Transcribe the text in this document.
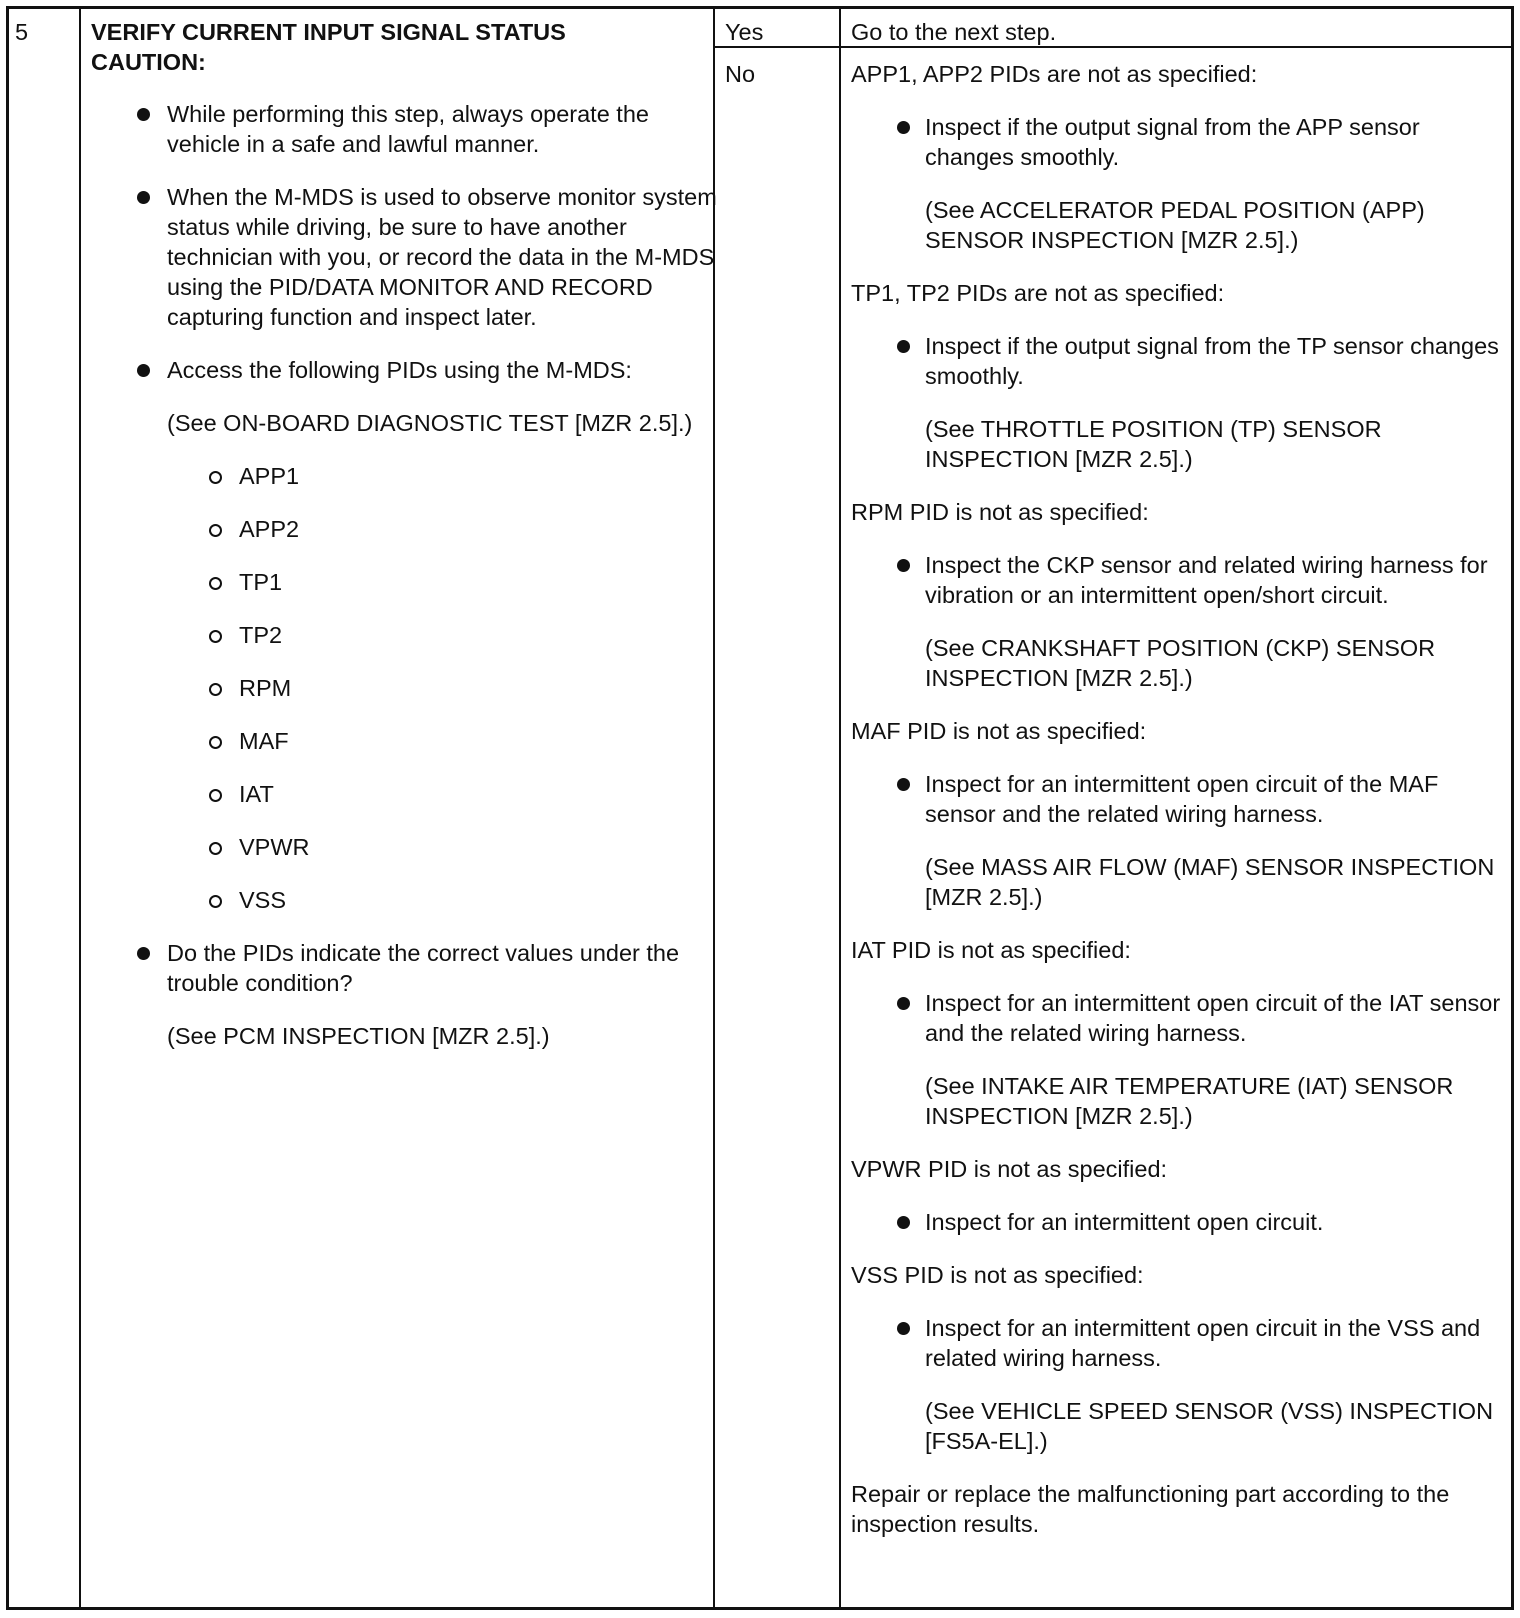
5	VERIFY CURRENT INPUT SIGNAL STATUS
CAUTION:
While performing this step, always operate the vehicle in a safe and lawful manner.
When the M-MDS is used to observe monitor system status while driving, be sure to have another technician with you, or record the data in the M-MDS using the PID/DATA MONITOR AND RECORD capturing function and inspect later.
Access the following PIDs using the M-MDS:
(See ON-BOARD DIAGNOSTIC TEST [MZR 2.5].)
APP1
APP2
TP1
TP2
RPM
MAF
IAT
VPWR
VSS
Do the PIDs indicate the correct values under the trouble condition?
(See PCM INSPECTION [MZR 2.5].)
Yes	Go to the next step.
No	APP1, APP2 PIDs are not as specified:
Inspect if the output signal from the APP sensor changes smoothly.
(See ACCELERATOR PEDAL POSITION (APP) SENSOR INSPECTION [MZR 2.5].)
TP1, TP2 PIDs are not as specified:
Inspect if the output signal from the TP sensor changes smoothly.
(See THROTTLE POSITION (TP) SENSOR INSPECTION [MZR 2.5].)
RPM PID is not as specified:
Inspect the CKP sensor and related wiring harness for vibration or an intermittent open/short circuit.
(See CRANKSHAFT POSITION (CKP) SENSOR INSPECTION [MZR 2.5].)
MAF PID is not as specified:
Inspect for an intermittent open circuit of the MAF sensor and the related wiring harness.
(See MASS AIR FLOW (MAF) SENSOR INSPECTION [MZR 2.5].)
IAT PID is not as specified:
Inspect for an intermittent open circuit of the IAT sensor and the related wiring harness.
(See INTAKE AIR TEMPERATURE (IAT) SENSOR INSPECTION [MZR 2.5].)
VPWR PID is not as specified:
Inspect for an intermittent open circuit.
VSS PID is not as specified:
Inspect for an intermittent open circuit in the VSS and related wiring harness.
(See VEHICLE SPEED SENSOR (VSS) INSPECTION [FS5A-EL].)
Repair or replace the malfunctioning part according to the inspection results.
